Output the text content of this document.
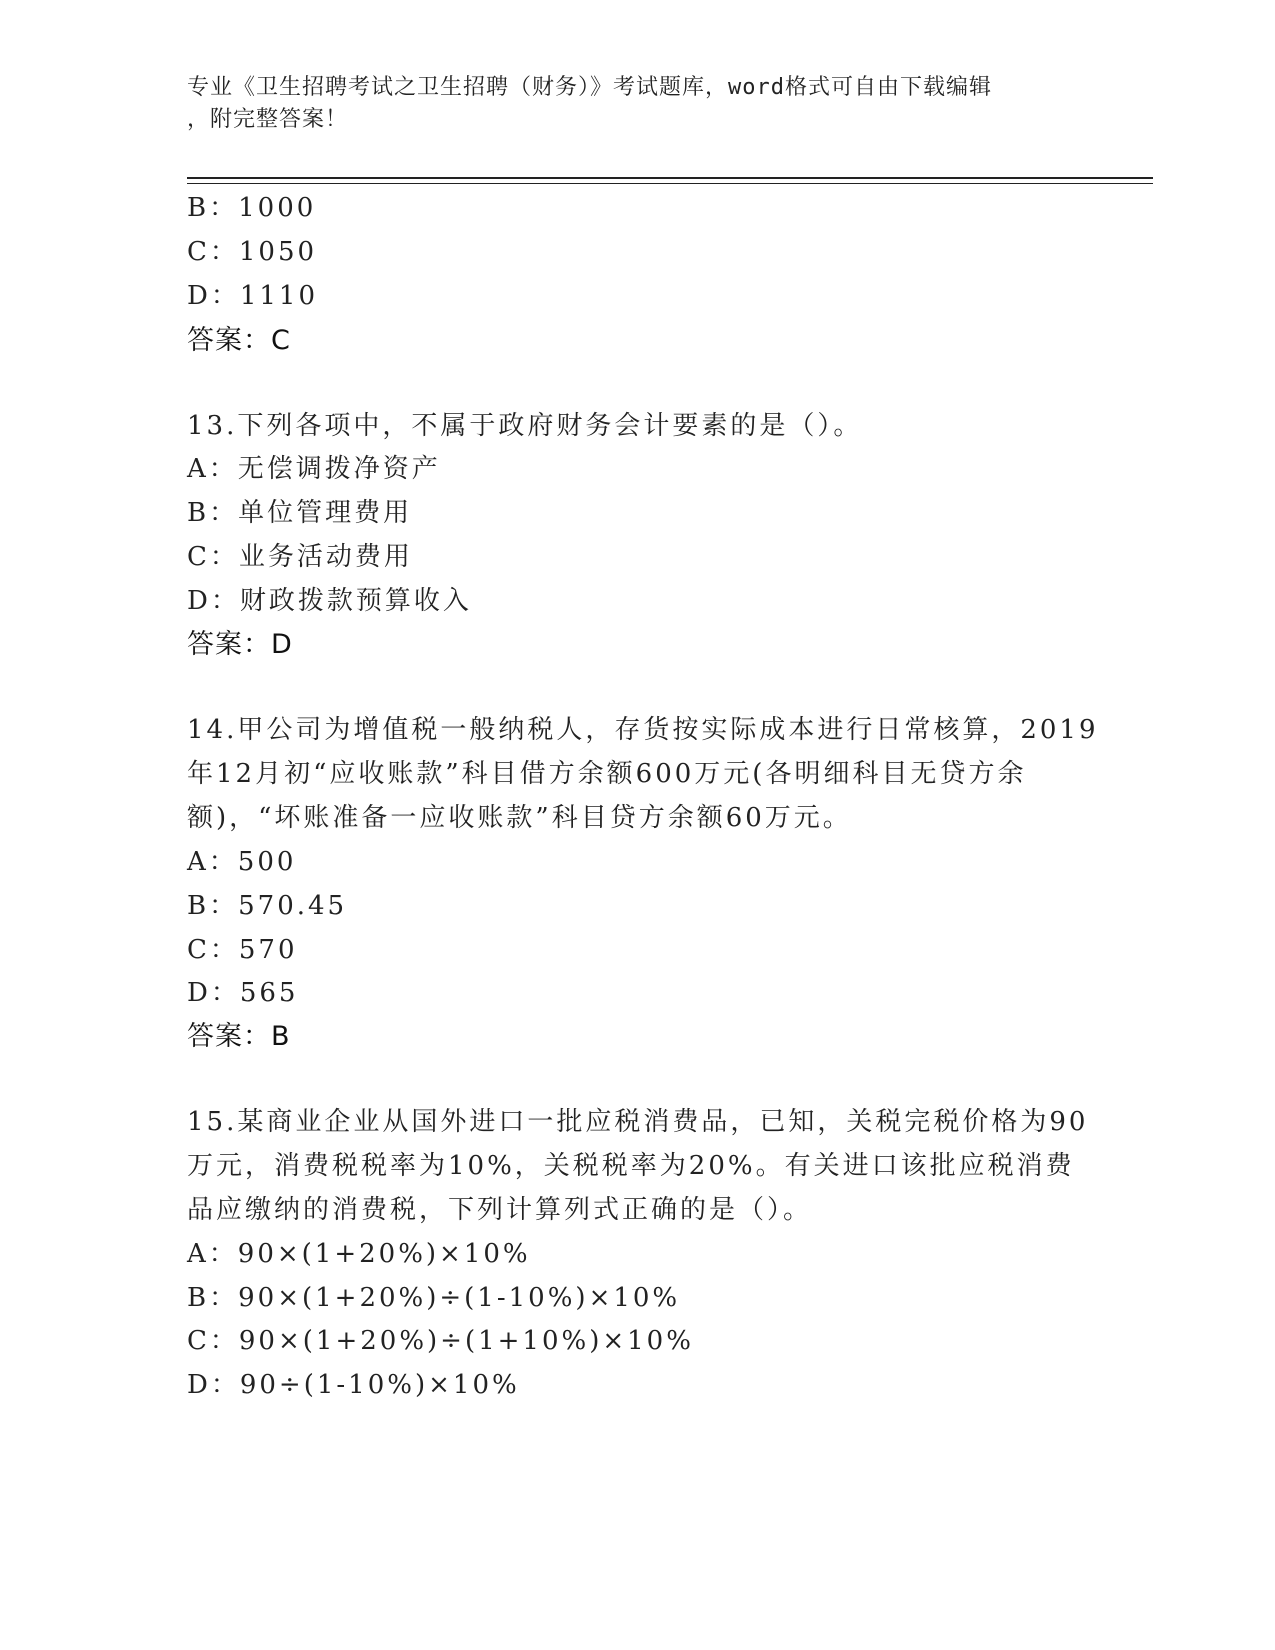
专业《卫生招聘考试之卫生招聘（财务）》考试题库，word格式可自由下载编辑
，附完整答案！
B：1000
C：1050
D：1110
答案：C
13.下列各项中，不属于政府财务会计要素的是（）。
A：无偿调拨净资产
B：单位管理费用
C：业务活动费用
D：财政拨款预算收入
答案：D
14.甲公司为增值税一般纳税人，存货按实际成本进行日常核算，2019
年12月初“应收账款”科目借方余额600万元(各明细科目无贷方余
额)，“坏账准备一应收账款”科目贷方余额60万元。
A：500
B：570.45
C：570
D：565
答案：B
15.某商业企业从国外进口一批应税消费品，已知，关税完税价格为90
万元，消费税税率为10%，关税税率为20%。有关进口该批应税消费
品应缴纳的消费税，下列计算列式正确的是（）。
A：90×(1+20%)×10%
B：90×(1+20%)÷(1-10%)×10%
C：90×(1+20%)÷(1+10%)×10%
D：90÷(1-10%)×10%
